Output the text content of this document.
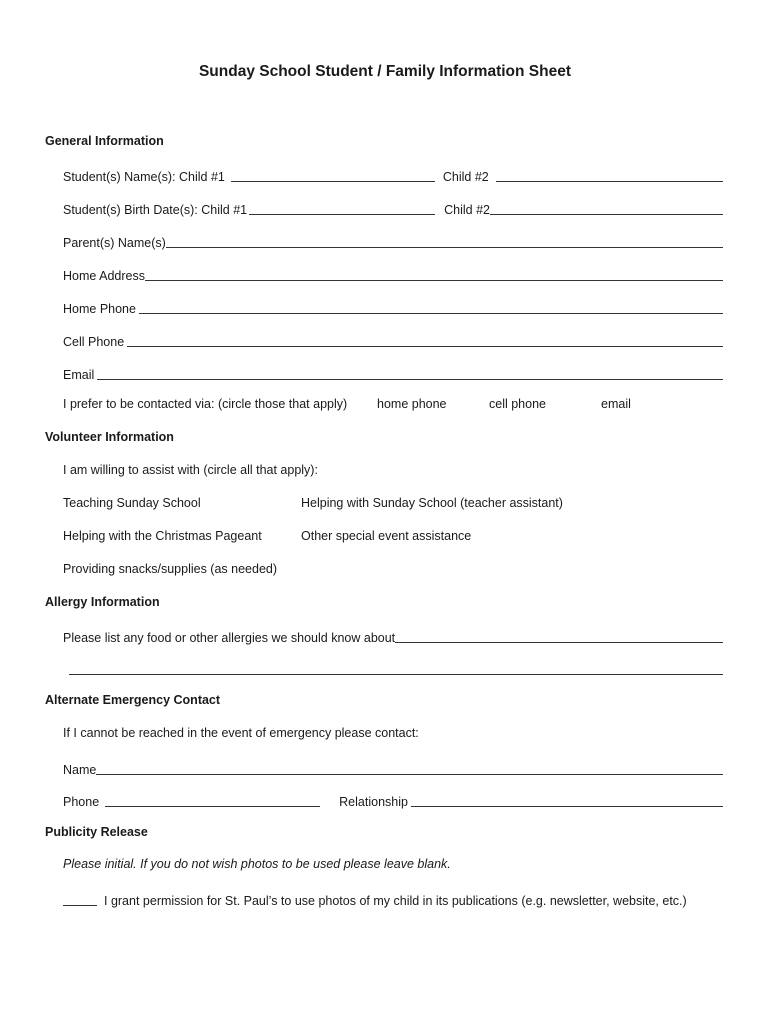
Sunday School Student / Family Information Sheet
General Information
Student(s) Name(s): Child #1	Child #2
Student(s) Birth Date(s): Child #1	Child #2
Parent(s) Name(s)
Home Address
Home Phone
Cell Phone
Email
I prefer to be contacted via: (circle those that apply) home phone	cell phone	email
Volunteer Information
I am willing to assist with (circle all that apply):
Teaching Sunday School	Helping with Sunday School (teacher assistant)
Helping with the Christmas Pageant	Other special event assistance
Providing snacks/supplies (as needed)
Allergy Information
Please list any food or other allergies we should know about
Alternate Emergency Contact
If I cannot be reached in the event of emergency please contact:
Name
Phone	Relationship
Publicity Release
Please initial. If you do not wish photos to be used please leave blank.
I grant permission for St. Paul’s to use photos of my child in its publications (e.g. newsletter, website, etc.)
